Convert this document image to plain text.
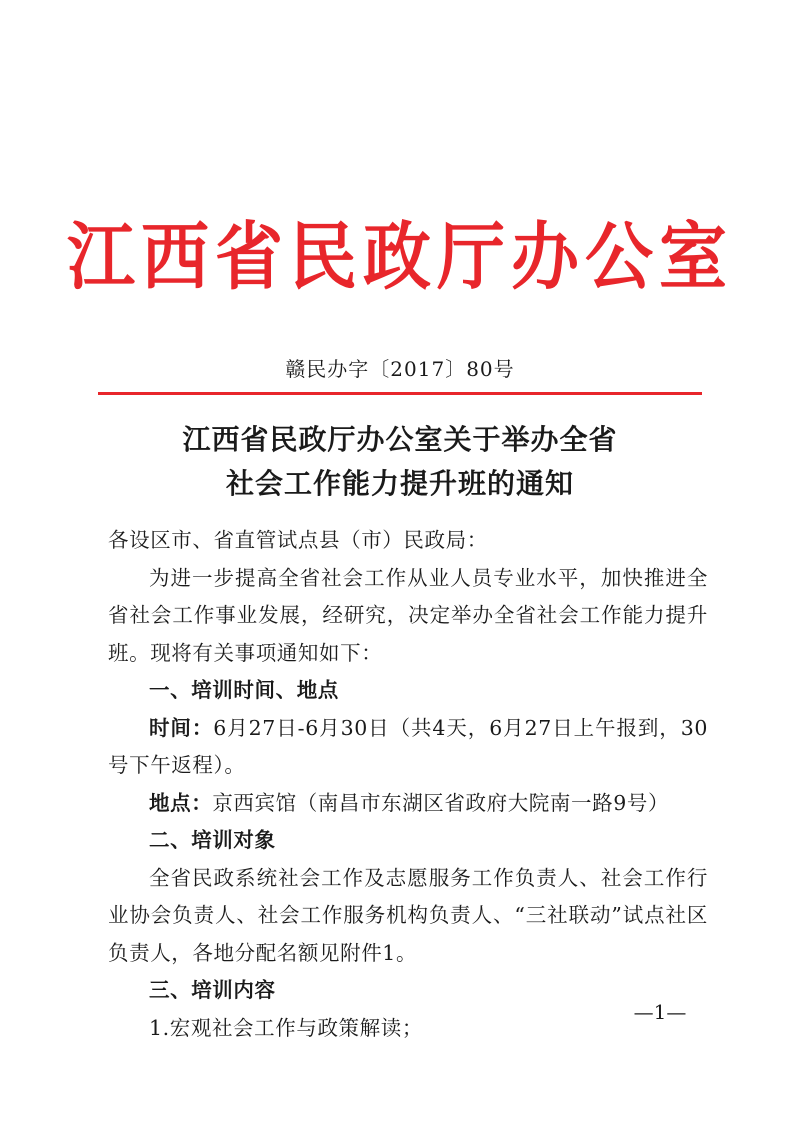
江西省民政厅办公室
赣民办字〔2017〕80号
江西省民政厅办公室关于举办全省
社会工作能力提升班的通知

各设区市、省直管试点县（市）民政局：

为进一步提高全省社会工作从业人员专业水平，加快推进全省社会工作事业发展，经研究，决定举办全省社会工作能力提升班。现将有关事项通知如下：

一、培训时间、地点

时间：6月27日-6月30日（共4天，6月27日上午报到，30号下午返程）。

地点：京西宾馆（南昌市东湖区省政府大院南一路9号）

二、培训对象

全省民政系统社会工作及志愿服务工作负责人、社会工作行业协会负责人、社会工作服务机构负责人、“三社联动”试点社区负责人，各地分配名额见附件1。

三、培训内容

1.宏观社会工作与政策解读；

—1—
